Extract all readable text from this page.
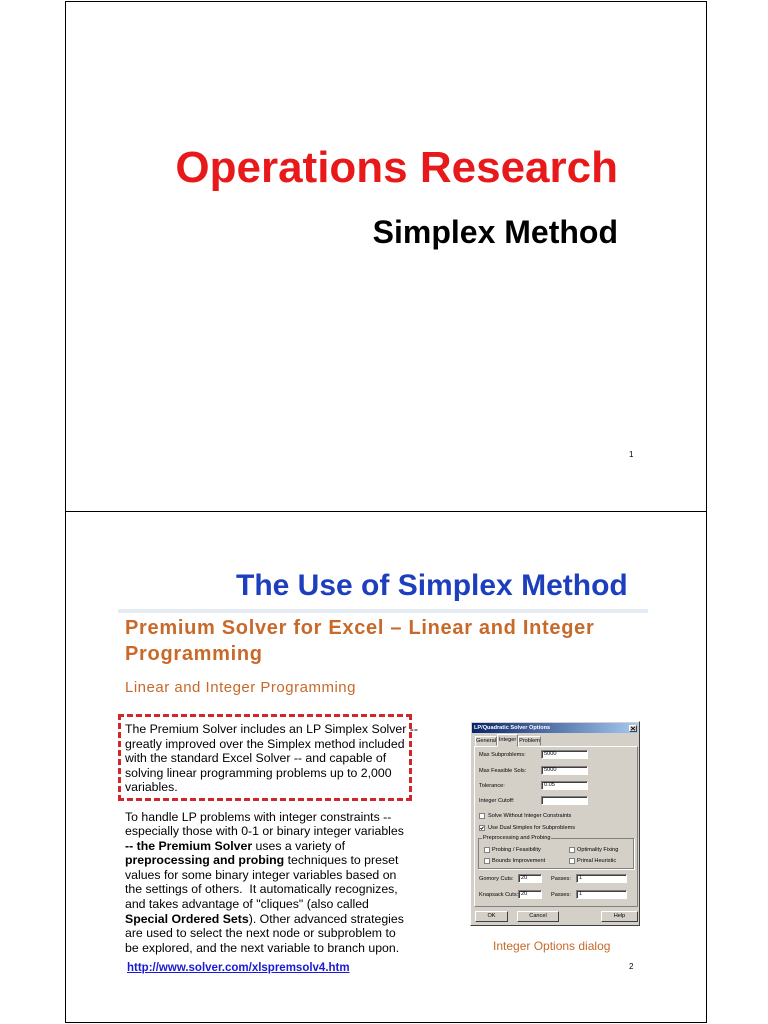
Operations Research
Simplex Method
1
The Use of Simplex Method
Premium Solver for Excel – Linear and Integer
Programming
Linear and Integer Programming
The Premium Solver includes an LP Simplex Solver --
greatly improved over the Simplex method included
with the standard Excel Solver -- and capable of
solving linear programming problems up to 2,000
variables.
To handle LP problems with integer constraints --
especially those with 0-1 or binary integer variables
-- the Premium Solver uses a variety of
preprocessing and probing techniques to preset
values for some binary integer variables based on
the settings of others.  It automatically recognizes,
and takes advantage of "cliques" (also called
Special Ordered Sets). Other advanced strategies
are used to select the next node or subproblem to
be explored, and the next variable to branch upon.
http://www.solver.com/xlspremsolv4.htm
LP/Quadratic Solver Options
General Integer Problem
Max Subproblems:	5000
Max Feasible Sols:	5000
Tolerance:	0.05
Integer Cutoff:
Solve Without Integer Constraints
Use Dual Simplex for Subproblems
Preprocessing and Probing
Probing / Feasibility	Optimality Fixing
Bounds Improvement	Primal Heuristic
Gomory Cuts:	20	Passes:	1
Knapsack Cuts: 20	Passes:	1
OK	Cancel	Help
Integer Options dialog
2
